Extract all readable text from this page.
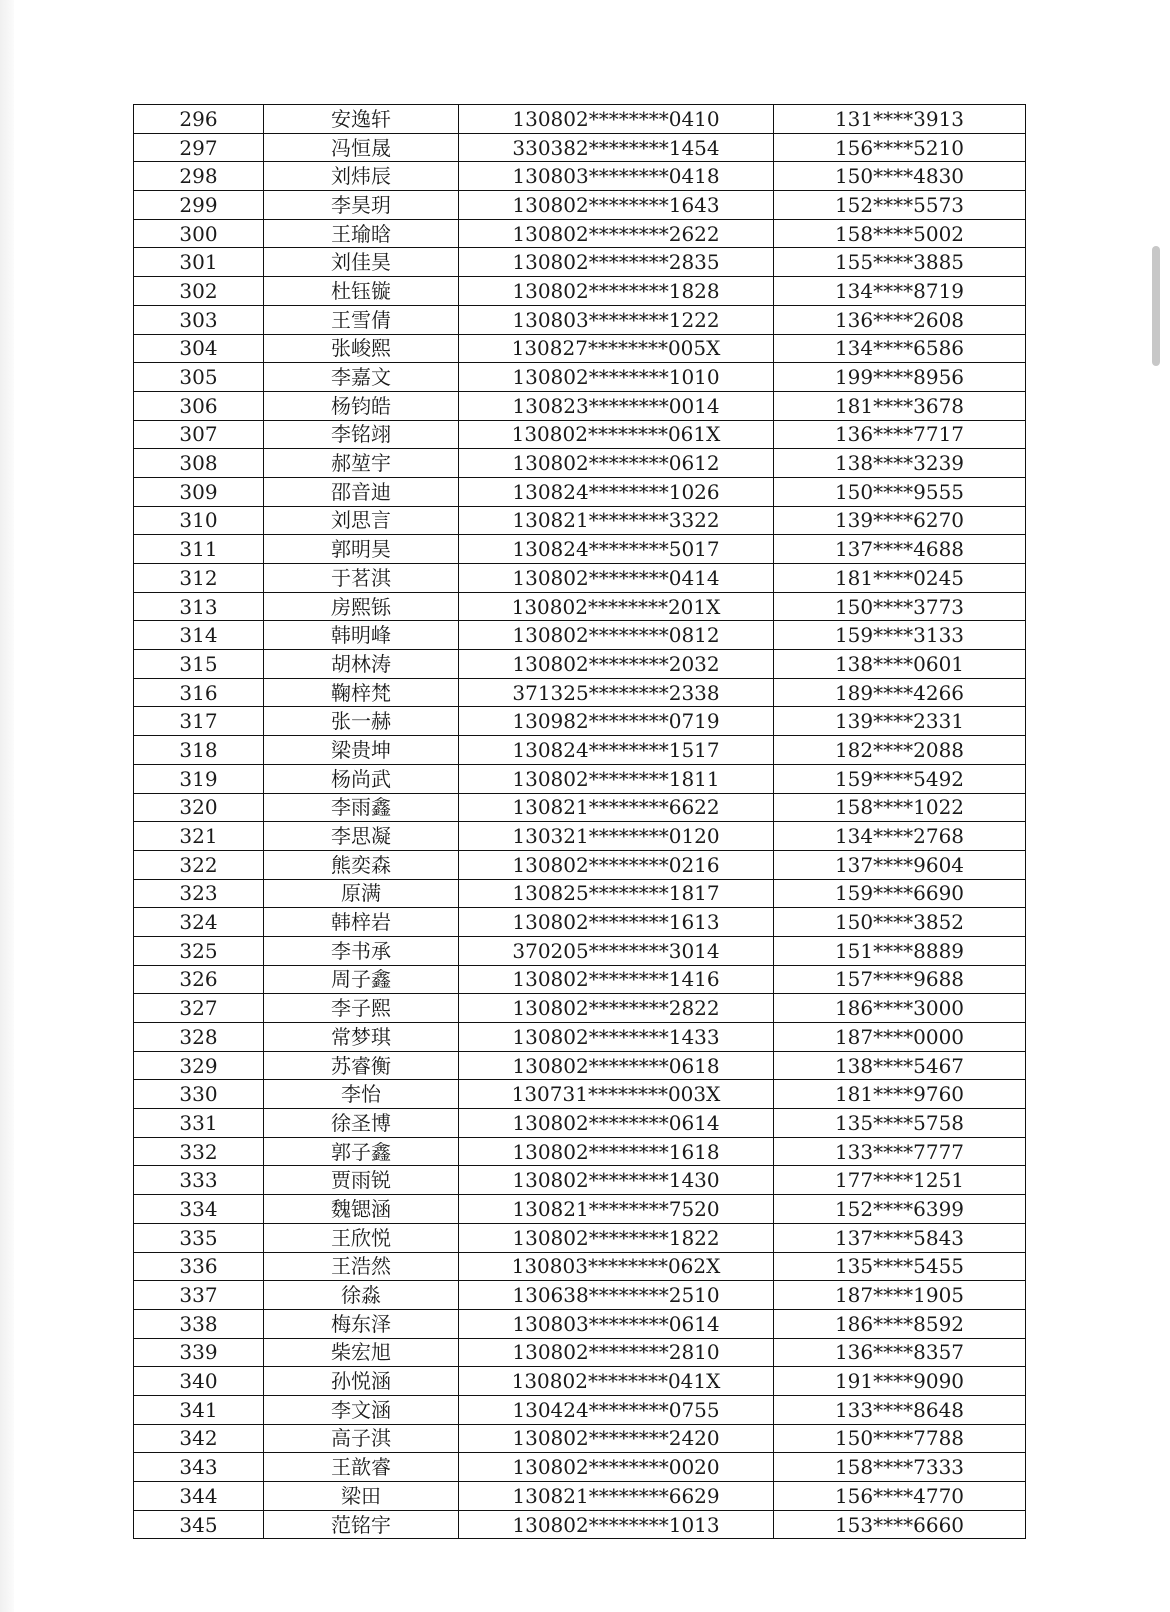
296	安逸轩	130802********0410	131****3913
297	冯恒晟	330382********1454	156****5210
298	刘炜辰	130803********0418	150****4830
299	李昊玥	130802********1643	152****5573
300	王瑜晗	130802********2622	158****5002
301	刘佳昊	130802********2835	155****3885
302	杜钰镟	130802********1828	134****8719
303	王雪倩	130803********1222	136****2608
304	张峻熙	130827********005X	134****6586
305	李嘉文	130802********1010	199****8956
306	杨钧皓	130823********0014	181****3678
307	李铭翊	130802********061X	136****7717
308	郝堃宇	130802********0612	138****3239
309	邵音迪	130824********1026	150****9555
310	刘思言	130821********3322	139****6270
311	郭明昊	130824********5017	137****4688
312	于茗淇	130802********0414	181****0245
313	房熙铄	130802********201X	150****3773
314	韩明峰	130802********0812	159****3133
315	胡林涛	130802********2032	138****0601
316	鞠梓梵	371325********2338	189****4266
317	张一赫	130982********0719	139****2331
318	梁贵坤	130824********1517	182****2088
319	杨尚武	130802********1811	159****5492
320	李雨鑫	130821********6622	158****1022
321	李思凝	130321********0120	134****2768
322	熊奕森	130802********0216	137****9604
323	原满	130825********1817	159****6690
324	韩梓岩	130802********1613	150****3852
325	李书承	370205********3014	151****8889
326	周子鑫	130802********1416	157****9688
327	李子熙	130802********2822	186****3000
328	常梦琪	130802********1433	187****0000
329	苏睿衡	130802********0618	138****5467
330	李怡	130731********003X	181****9760
331	徐圣博	130802********0614	135****5758
332	郭子鑫	130802********1618	133****7777
333	贾雨锐	130802********1430	177****1251
334	魏锶涵	130821********7520	152****6399
335	王欣悦	130802********1822	137****5843
336	王浩然	130803********062X	135****5455
337	徐淼	130638********2510	187****1905
338	梅东泽	130803********0614	186****8592
339	柴宏旭	130802********2810	136****8357
340	孙悦涵	130802********041X	191****9090
341	李文涵	130424********0755	133****8648
342	高子淇	130802********2420	150****7788
343	王歆睿	130802********0020	158****7333
344	梁田	130821********6629	156****4770
345	范铭宇	130802********1013	153****6660
